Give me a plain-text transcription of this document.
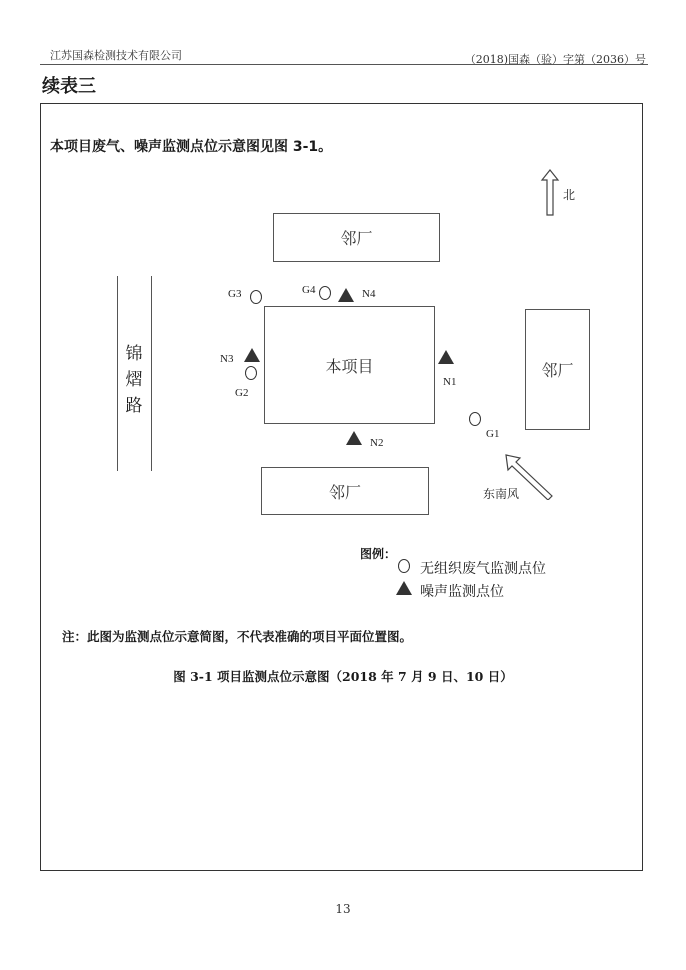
江苏国森检测技术有限公司	（2018)国森（验）字第（2036）号
续表三
本项目废气、噪声监测点位示意图见图 3-1。
北
邻厂
邻厂
邻厂
本项目
锦
熠
路
G3	G4	N4
N3
G2
N1
N2
G1
东南风
图例：
无组织废气监测点位
噪声监测点位
注：此图为监测点位示意简图，不代表准确的项目平面位置图。
图 3-1 项目监测点位示意图（2018 年 7 月 9 日、10 日）
13
